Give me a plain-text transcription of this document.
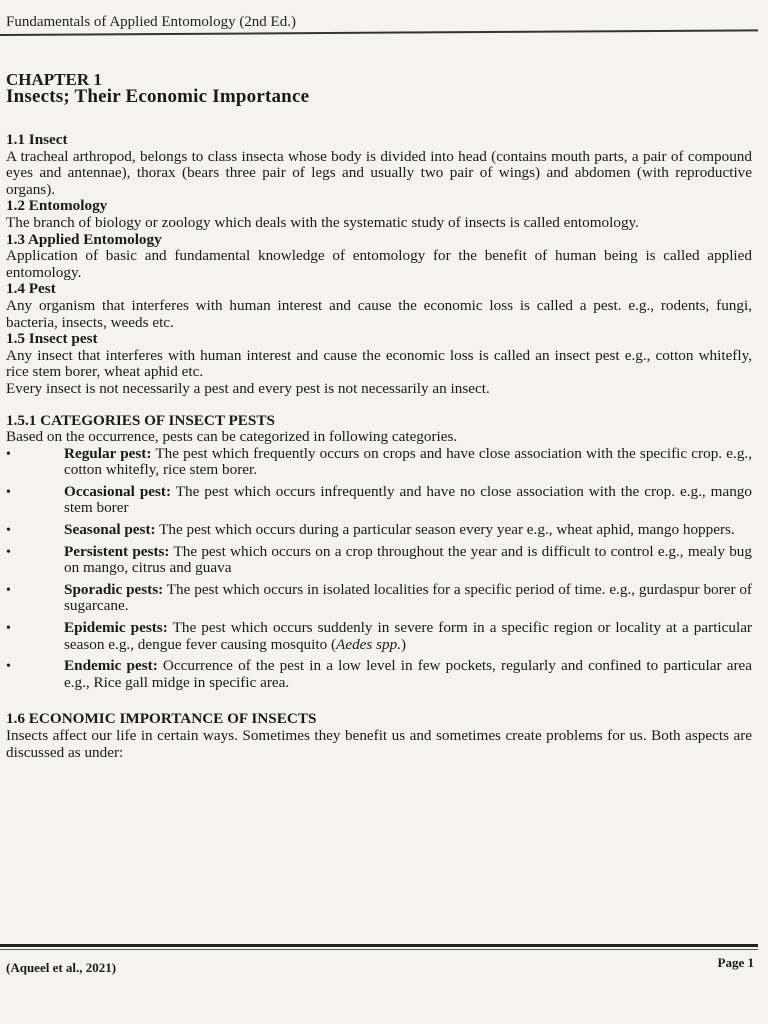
Fundamentals of Applied Entomology (2nd Ed.)
CHAPTER 1
Insects; Their Economic Importance
1.1 Insect

A tracheal arthropod, belongs to class insecta whose body is divided into head (contains mouth parts, a pair of compound eyes and antennae), thorax (bears three pair of legs and usually two pair of wings) and abdomen (with reproductive organs).

1.2 Entomology

The branch of biology or zoology which deals with the systematic study of insects is called entomology.

1.3 Applied Entomology

Application of basic and fundamental knowledge of entomology for the benefit of human being is called applied entomology.

1.4 Pest

Any organism that interferes with human interest and cause the economic loss is called a pest. e.g., rodents, fungi, bacteria, insects, weeds etc.

1.5 Insect pest

Any insect that interferes with human interest and cause the economic loss is called an insect pest e.g., cotton whitefly, rice stem borer, wheat aphid etc.

Every insect is not necessarily a pest and every pest is not necessarily an insect.

1.5.1 CATEGORIES OF INSECT PESTS

Based on the occurrence, pests can be categorized in following categories.

•	Regular pest: The pest which frequently occurs on crops and have close association with the specific crop. e.g., cotton whitefly, rice stem borer.
•	Occasional pest: The pest which occurs infrequently and have no close association with the crop. e.g., mango stem borer
•	Seasonal pest: The pest which occurs during a particular season every year e.g., wheat aphid, mango hoppers.
•	Persistent pests: The pest which occurs on a crop throughout the year and is difficult to control e.g., mealy bug on mango, citrus and guava
•	Sporadic pests: The pest which occurs in isolated localities for a specific period of time. e.g., gurdaspur borer of sugarcane.
•	Epidemic pests: The pest which occurs suddenly in severe form in a specific region or locality at a particular season e.g., dengue fever causing mosquito (Aedes spp.)
•	Endemic pest: Occurrence of the pest in a low level in few pockets, regularly and confined to particular area e.g., Rice gall midge in specific area.
1.6 ECONOMIC IMPORTANCE OF INSECTS

Insects affect our life in certain ways. Sometimes they benefit us and sometimes create problems for us. Both aspects are discussed as under:

(Aqueel et al., 2021)	Page 1
